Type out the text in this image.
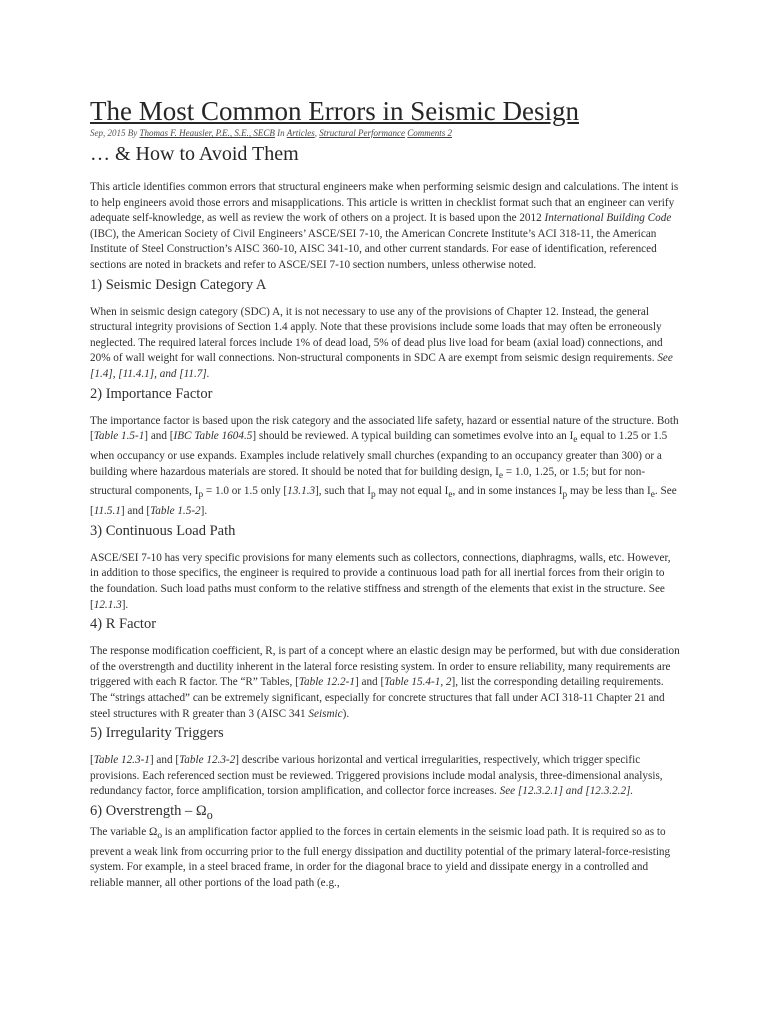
The Most Common Errors in Seismic Design

Sep, 2015 By Thomas F. Heausler, P.E., S.E., SECB In Articles, Structural Performance Comments 2

… & How to Avoid Them

This article identifies common errors that structural engineers make when performing seismic design and calculations. The intent is to help engineers avoid those errors and misapplications. This article is written in checklist format such that an engineer can verify adequate self-knowledge, as well as review the work of others on a project. It is based upon the 2012 International Building Code (IBC), the American Society of Civil Engineers’ ASCE/SEI 7-10, the American Concrete Institute’s ACI 318-11, the American Institute of Steel Construction’s AISC 360-10, AISC 341-10, and other current standards. For ease of identification, referenced sections are noted in brackets and refer to ASCE/SEI 7-10 section numbers, unless otherwise noted.

1) Seismic Design Category A

When in seismic design category (SDC) A, it is not necessary to use any of the provisions of Chapter 12. Instead, the general structural integrity provisions of Section 1.4 apply. Note that these provisions include some loads that may often be erroneously neglected. The required lateral forces include 1% of dead load, 5% of dead plus live load for beam (axial load) connections, and 20% of wall weight for wall connections. Non-structural components in SDC A are exempt from seismic design requirements. See [1.4], [11.4.1], and [11.7].

2) Importance Factor

The importance factor is based upon the risk category and the associated life safety, hazard or essential nature of the structure. Both [Table 1.5-1] and [IBC Table 1604.5] should be reviewed. A typical building can sometimes evolve into an $I_e$ equal to 1.25 or 1.5 when occupancy or use expands. Examples include relatively small churches (expanding to an occupancy greater than 300) or a building where hazardous materials are stored. It should be noted that for building design, $I_e = 1.0$, 1.25, or 1.5; but for non-structural components, $I_p = 1.0$ or 1.5 only [13.1.3], such that $I_p$ may not equal $I_e$, and in some instances $I_p$ may be less than $I_e$. See [11.5.1] and [Table 1.5-2].

3) Continuous Load Path

ASCE/SEI 7-10 has very specific provisions for many elements such as collectors, connections, diaphragms, walls, etc. However, in addition to those specifics, the engineer is required to provide a continuous load path for all inertial forces from their origin to the foundation. Such load paths must conform to the relative stiffness and strength of the elements that exist in the structure. See [12.1.3].

4) R Factor

The response modification coefficient, R, is part of a concept where an elastic design may be performed, but with due consideration of the overstrength and ductility inherent in the lateral force resisting system. In order to ensure reliability, many requirements are triggered with each R factor. The “R” Tables, [Table 12.2-1] and [Table 15.4-1, 2], list the corresponding detailing requirements. The “strings attached” can be extremely significant, especially for concrete structures that fall under ACI 318-11 Chapter 21 and steel structures with R greater than 3 (AISC 341 Seismic).

5) Irregularity Triggers

[Table 12.3-1] and [Table 12.3-2] describe various horizontal and vertical irregularities, respectively, which trigger specific provisions. Each referenced section must be reviewed. Triggered provisions include modal analysis, three-dimensional analysis, redundancy factor, force amplification, torsion amplification, and collector force increases. See [12.3.2.1] and [12.3.2.2].

6) Overstrength – $\Omega_o$

The variable $\Omega_o$ is an amplification factor applied to the forces in certain elements in the seismic load path. It is required so as to prevent a weak link from occurring prior to the full energy dissipation and ductility potential of the primary lateral-force-resisting system. For example, in a steel braced frame, in order for the diagonal brace to yield and dissipate energy in a controlled and reliable manner, all other portions of the load path (e.g.,
